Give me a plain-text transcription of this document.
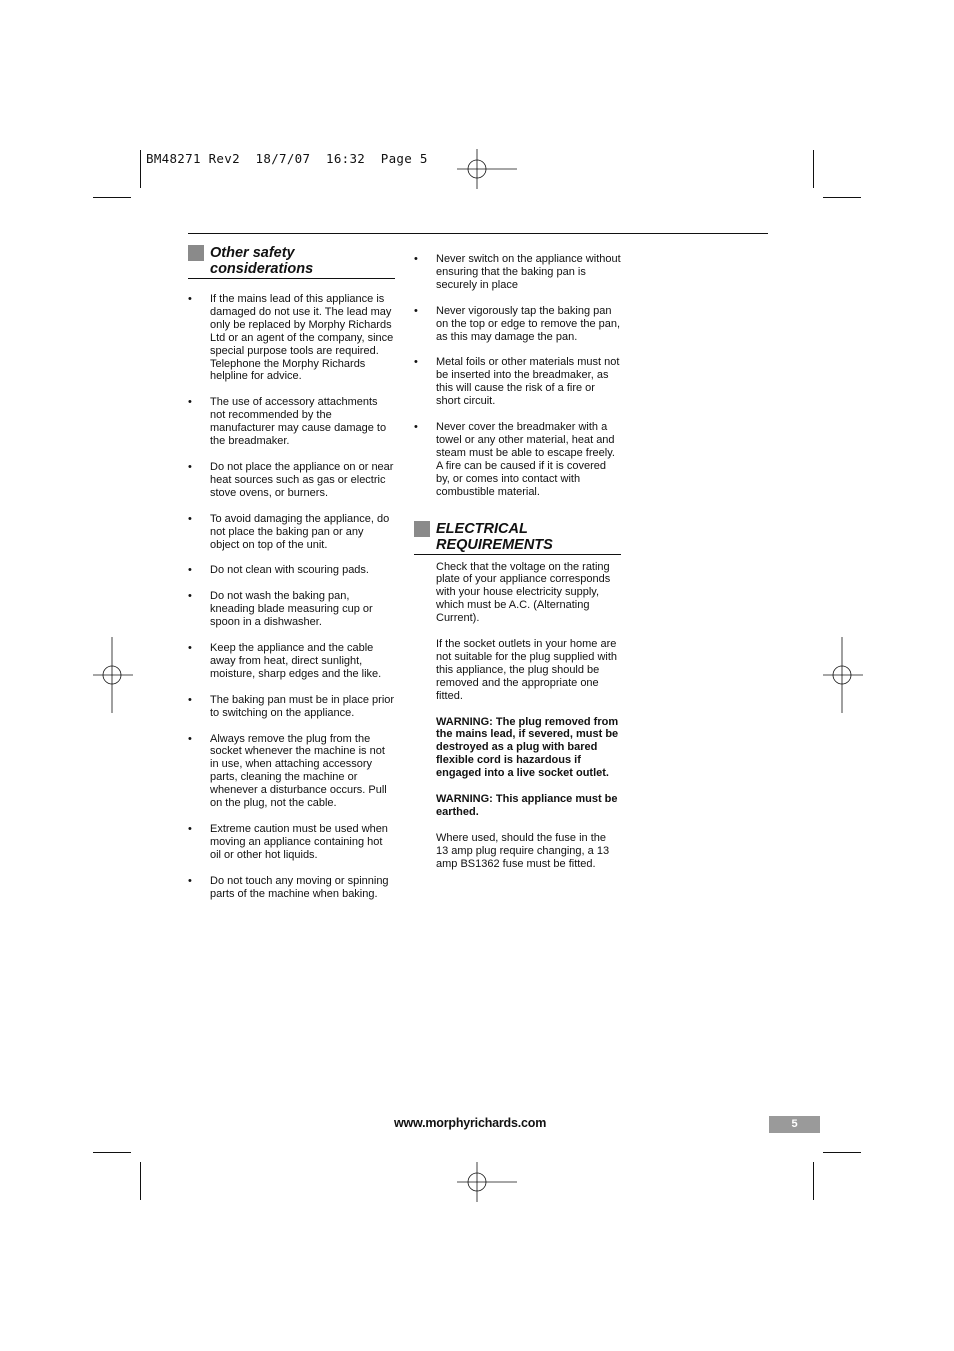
BM48271 Rev2  18/7/07  16:32  Page 5
Other safety
considerations
• If the mains lead of this appliance is damaged do not use it. The lead may only be replaced by Morphy Richards Ltd or an agent of the company, since special purpose tools are required. Telephone the Morphy Richards helpline for advice.
• The use of accessory attachments not recommended by the manufacturer may cause damage to the breadmaker.
• Do not place the appliance on or near heat sources such as gas or electric stove ovens, or burners.
• To avoid damaging the appliance, do not place the baking pan or any object on top of the unit.
• Do not clean with scouring pads.
• Do not wash the baking pan, kneading blade measuring cup or spoon in a dishwasher.
• Keep the appliance and the cable away from heat, direct sunlight, moisture, sharp edges and the like.
• The baking pan must be in place prior to switching on the appliance.
• Always remove the plug from the socket whenever the machine is not in use, when attaching accessory parts, cleaning the machine or whenever a disturbance occurs. Pull on the plug, not the cable.
• Extreme caution must be used when moving an appliance containing hot oil or other hot liquids.
• Do not touch any moving or spinning parts of the machine when baking.
• Never switch on the appliance without ensuring that the baking pan is securely in place
• Never vigorously tap the baking pan on the top or edge to remove the pan, as this may damage the pan.
• Metal foils or other materials must not be inserted into the breadmaker, as this will cause the risk of a fire or short circuit.
• Never cover the breadmaker with a towel or any other material, heat and steam must be able to escape freely. A fire can be caused if it is covered by, or comes into contact with combustible material.
ELECTRICAL
REQUIREMENTS
Check that the voltage on the rating plate of your appliance corresponds with your house electricity supply, which must be A.C. (Alternating Current).
If the socket outlets in your home are not suitable for the plug supplied with this appliance, the plug should be removed and the appropriate one fitted.
WARNING: The plug removed from the mains lead, if severed, must be destroyed as a plug with bared flexible cord is hazardous if engaged into a live socket outlet.
WARNING: This appliance must be earthed.
Where used, should the fuse in the 13 amp plug require changing, a 13 amp BS1362 fuse must be fitted.
www.morphyrichards.com	5
